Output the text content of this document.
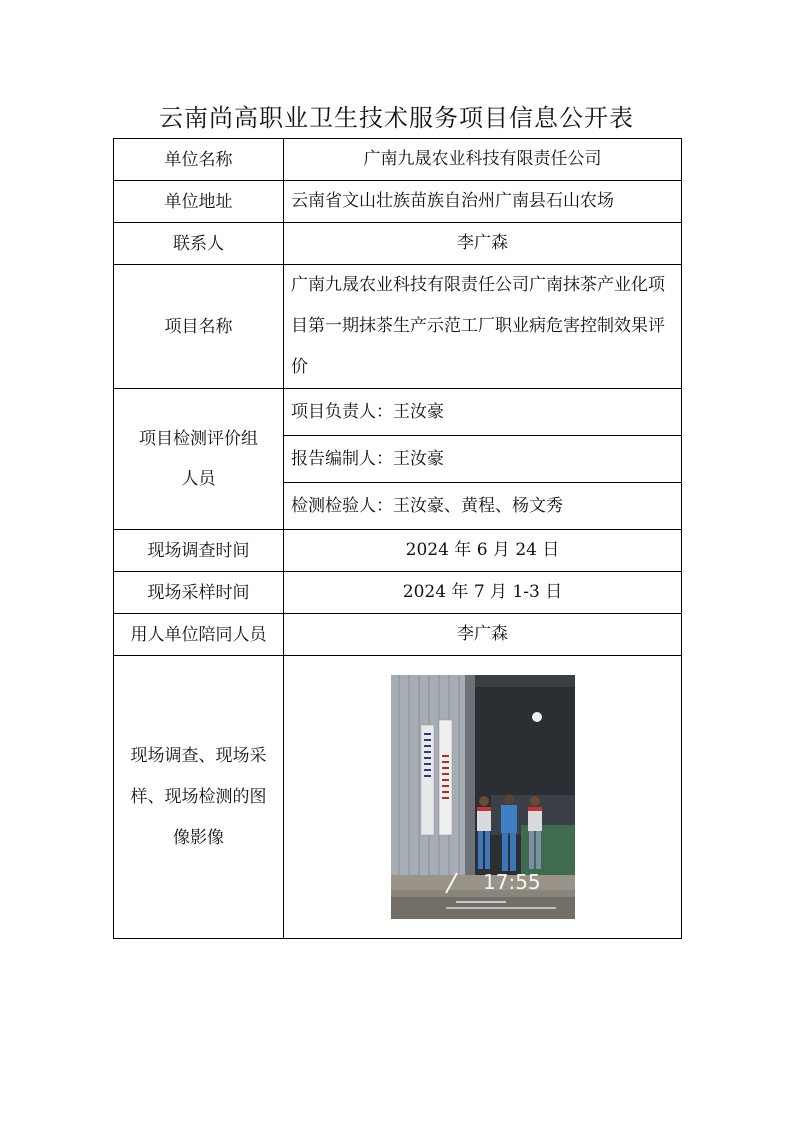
云南尚高职业卫生技术服务项目信息公开表
单位名称	广南九晟农业科技有限责任公司
单位地址	云南省文山壮族苗族自治州广南县石山农场
联系人	李广森
项目名称	广南九晟农业科技有限责任公司广南抹茶产业化项目第一期抹茶生产示范工厂职业病危害控制效果评价

项目检测评价组人员	项目负责人：王汝豪
	报告编制人：王汝豪
	检测检验人：王汝豪、黄程、杨文秀
现场调查时间	2024 年 6 月 24 日
现场采样时间	2024 年 7 月 1-3 日
用人单位陪同人员	李广森

现场调查、现场采样、现场检测的图像影像	17:55
